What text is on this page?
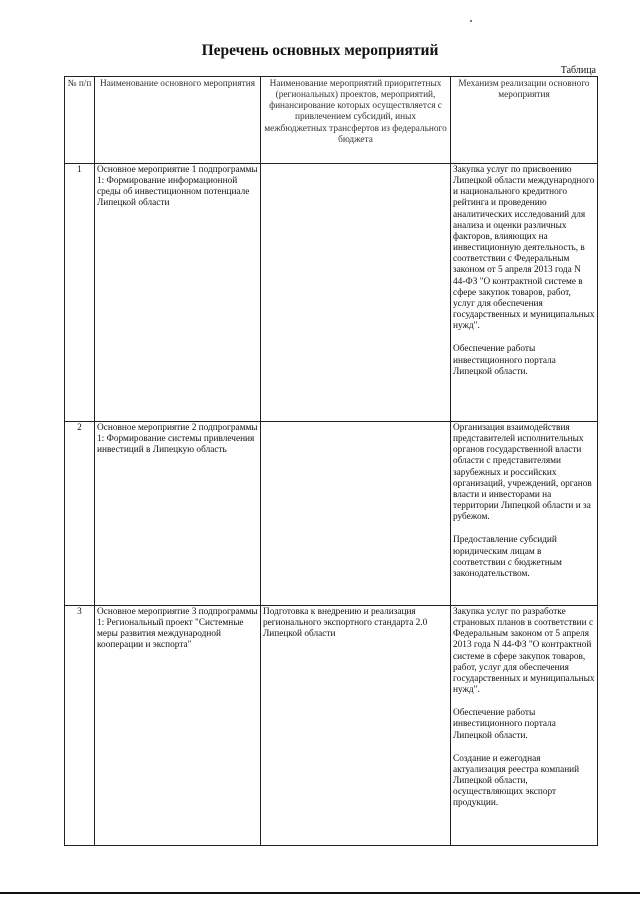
Перечень основных мероприятий
Таблица
№ п/п	Наименование основного мероприятия	Наименование мероприятий приоритетных (региональных) проектов, мероприятий, финансирование которых осуществляется с привлечением субсидий, иных межбюджетных трансфертов из федерального бюджета	Механизм реализации основного мероприятия
1	Основное мероприятие 1 подпрограммы 1: Формирование информационной среды об инвестиционном потенциале Липецкой области		Закупка услуг по присвоению Липецкой области международного и национального кредитного рейтинга и проведению аналитических исследований для анализа и оценки различных факторов, влияющих на инвестиционную деятельность, в соответствии с Федеральным законом от 5 апреля 2013 года N 44-ФЗ "О контрактной системе в сфере закупок товаров, работ, услуг для обеспечения государственных и муниципальных нужд".

Обеспечение работы инвестиционного портала Липецкой области.

2	Основное мероприятие 2 подпрограммы 1: Формирование системы привлечения инвестиций в Липецкую область		Организация взаимодействия представителей исполнительных органов государственной власти области с представителями зарубежных и российских организаций, учреждений, органов власти и инвесторами на территории Липецкой области и за рубежом.

Предоставление субсидий юридическим лицам в соответствии с бюджетным законодательством.

3	Основное мероприятие 3 подпрограммы 1: Региональный проект "Системные меры развития международной кооперации и экспорта"	Подготовка к внедрению и реализация регионального экспортного стандарта 2.0 Липецкой области	Закупка услуг по разработке страновых планов в соответствии с Федеральным законом от 5 апреля 2013 года N 44-ФЗ "О контрактной системе в сфере закупок товаров, работ, услуг для обеспечения государственных и муниципальных нужд".

Обеспечение работы инвестиционного портала Липецкой области.

Создание и ежегодная актуализация реестра компаний Липецкой области, осуществляющих экспорт продукции.
